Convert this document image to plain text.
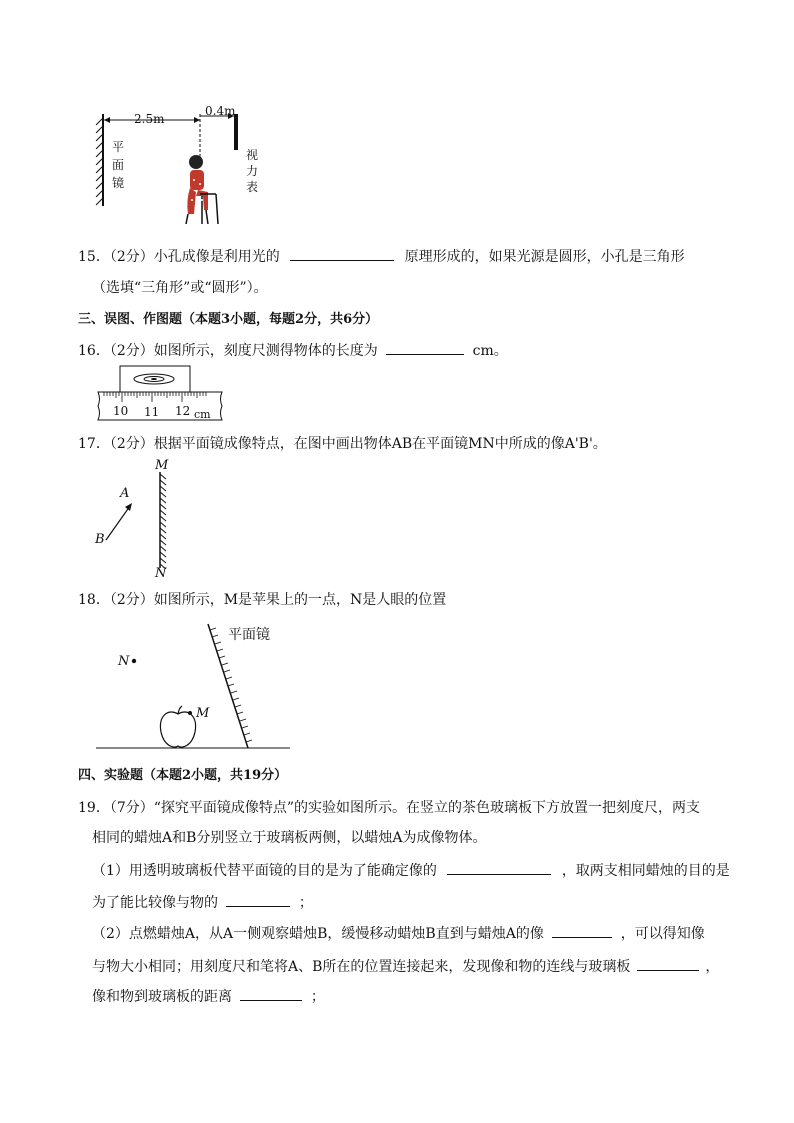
2.5m
0.4m
平
面
镜
视
力
表
15．（2分）小孔成像是利用光的	原理形成的，如果光源是圆形，小孔是三角形
（选填“三角形”或“圆形”）。
三、误图、作图题（本题3小题，每题2分，共6分）
16．（2分）如图所示，刻度尺测得物体的长度为	cm。
10 11 12 cm
17．（2分）根据平面镜成像特点，在图中画出物体AB在平面镜MN中所成的像A'B'。
M
A
B
N
18．（2分）如图所示，M是苹果上的一点，N是人眼的位置
平面镜
N
M
四、实验题（本题2小题，共19分）
19．（7分）“探究平面镜成像特点”的实验如图所示。在竖立的茶色玻璃板下方放置一把刻度尺，两支
相同的蜡烛A和B分别竖立于玻璃板两侧，以蜡烛A为成像物体。
（1）用透明玻璃板代替平面镜的目的是为了能确定像的	，取两支相同蜡烛的目的是
为了能比较像与物的	；
（2）点燃蜡烛A，从A一侧观察蜡烛B，缓慢移动蜡烛B直到与蜡烛A的像	，可以得知像
与物大小相同；用刻度尺和笔将A、B所在的位置连接起来，发现像和物的连线与玻璃板	，
像和物到玻璃板的距离	；
